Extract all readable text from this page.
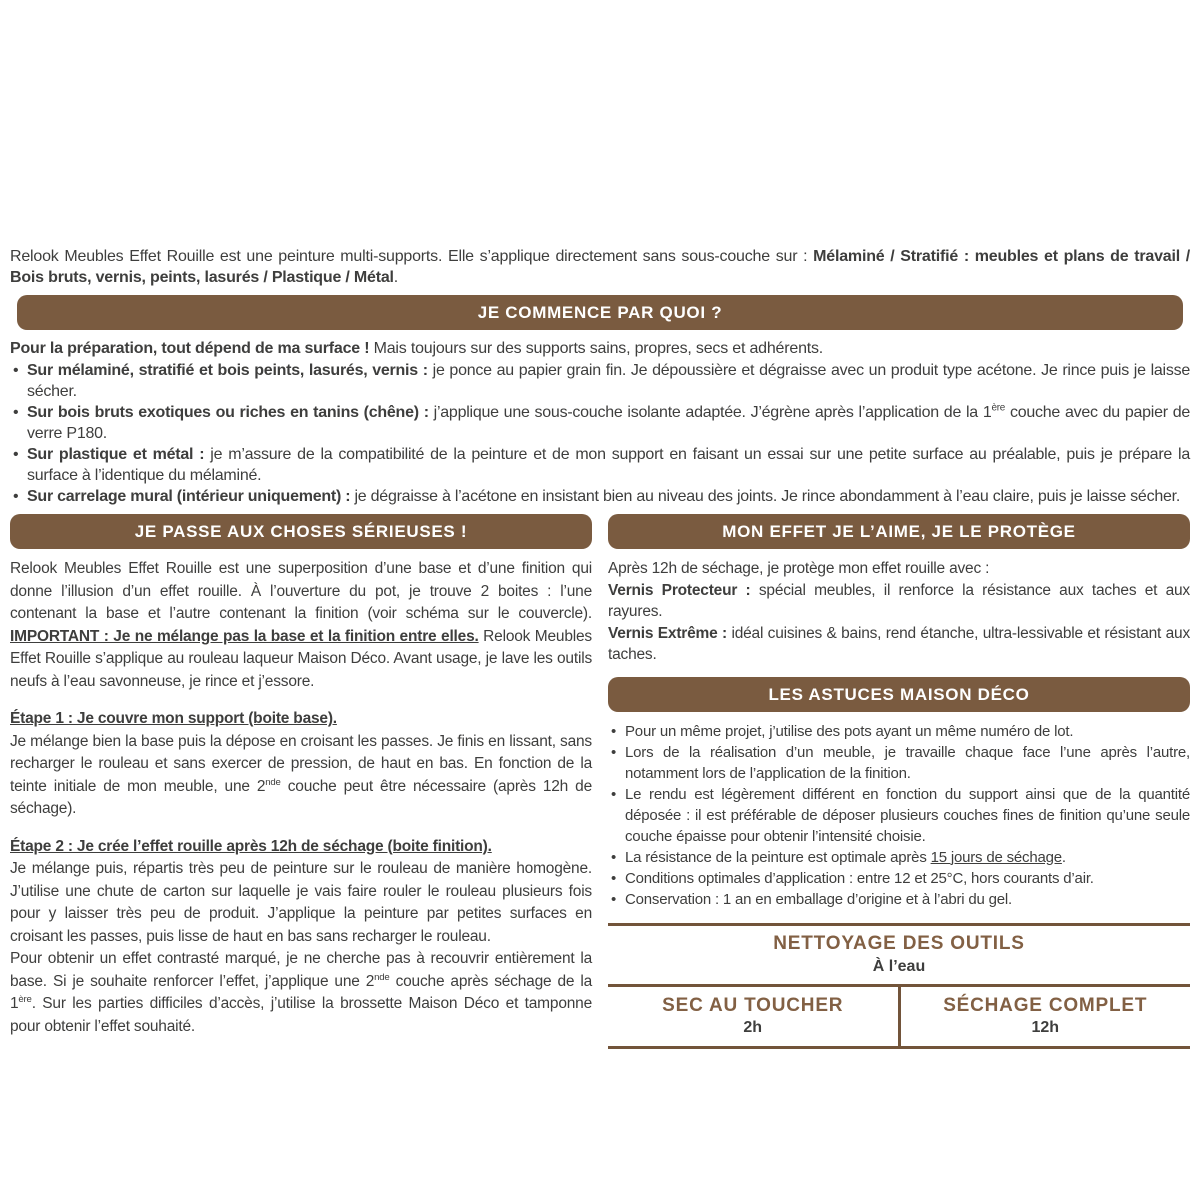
Relook Meubles Effet Rouille est une peinture multi-supports. Elle s’applique directement sans sous-couche sur : Mélaminé / Stratifié : meubles et plans de travail / Bois bruts, vernis, peints, lasurés / Plastique / Métal.

JE COMMENCE PAR QUOI ?

Pour la préparation, tout dépend de ma surface ! Mais toujours sur des supports sains, propres, secs et adhérents.

• Sur mélaminé, stratifié et bois peints, lasurés, vernis : je ponce au papier grain fin. Je dépoussière et dégraisse avec un produit type acétone. Je rince puis je laisse sécher.
• Sur bois bruts exotiques ou riches en tanins (chêne) : j’applique une sous-couche isolante adaptée. J’égrène après l’application de la 1ère couche avec du papier de verre P180.
• Sur plastique et métal : je m’assure de la compatibilité de la peinture et de mon support en faisant un essai sur une petite surface au préalable, puis je prépare la surface à l’identique du mélaminé.
• Sur carrelage mural (intérieur uniquement) : je dégraisse à l’acétone en insistant bien au niveau des joints. Je rince abondamment à l’eau claire, puis je laisse sécher.
JE PASSE AUX CHOSES SÉRIEUSES !
Relook Meubles Effet Rouille est une superposition d’une base et d’une finition qui donne l’illusion d’un effet rouille. À l’ouverture du pot, je trouve 2 boites : l’une contenant la base et l’autre contenant la finition (voir schéma sur le couvercle). IMPORTANT : Je ne mélange pas la base et la finition entre elles. Relook Meubles Effet Rouille s’applique au rouleau laqueur Maison Déco. Avant usage, je lave les outils neufs à l’eau savonneuse, je rince et j’essore.

Étape 1 : Je couvre mon support (boite base).

Je mélange bien la base puis la dépose en croisant les passes. Je finis en lissant, sans recharger le rouleau et sans exercer de pression, de haut en bas. En fonction de la teinte initiale de mon meuble, une 2nde couche peut être nécessaire (après 12h de séchage).

Étape 2 : Je crée l’effet rouille après 12h de séchage (boite finition).

Je mélange puis, répartis très peu de peinture sur le rouleau de manière homogène. J’utilise une chute de carton sur laquelle je vais faire rouler le rouleau plusieurs fois pour y laisser très peu de produit. J’applique la peinture par petites surfaces en croisant les passes, puis lisse de haut en bas sans recharger le rouleau.

Pour obtenir un effet contrasté marqué, je ne cherche pas à recouvrir entièrement la base. Si je souhaite renforcer l’effet, j’applique une 2nde couche après séchage de la 1ère. Sur les parties difficiles d’accès, j’utilise la brossette Maison Déco et tamponne pour obtenir l’effet souhaité.

MON EFFET JE L’AIME, JE LE PROTÈGE
Après 12h de séchage, je protège mon effet rouille avec :
Vernis Protecteur : spécial meubles, il renforce la résistance aux taches et aux rayures.
Vernis Extrême : idéal cuisines & bains, rend étanche, ultra-lessivable et résistant aux taches.
LES ASTUCES MAISON DÉCO
• Pour un même projet, j’utilise des pots ayant un même numéro de lot.
• Lors de la réalisation d’un meuble, je travaille chaque face l’une après l’autre, notamment lors de l’application de la finition.
• Le rendu est légèrement différent en fonction du support ainsi que de la quantité déposée : il est préférable de déposer plusieurs couches fines de finition qu’une seule couche épaisse pour obtenir l’intensité choisie.
• La résistance de la peinture est optimale après 15 jours de séchage.
• Conditions optimales d’application : entre 12 et 25°C, hors courants d’air.
• Conservation : 1 an en emballage d’origine et à l’abri du gel.
NETTOYAGE DES OUTILS
À l’eau
SEC AU TOUCHER
2h
SÉCHAGE COMPLET
12h
